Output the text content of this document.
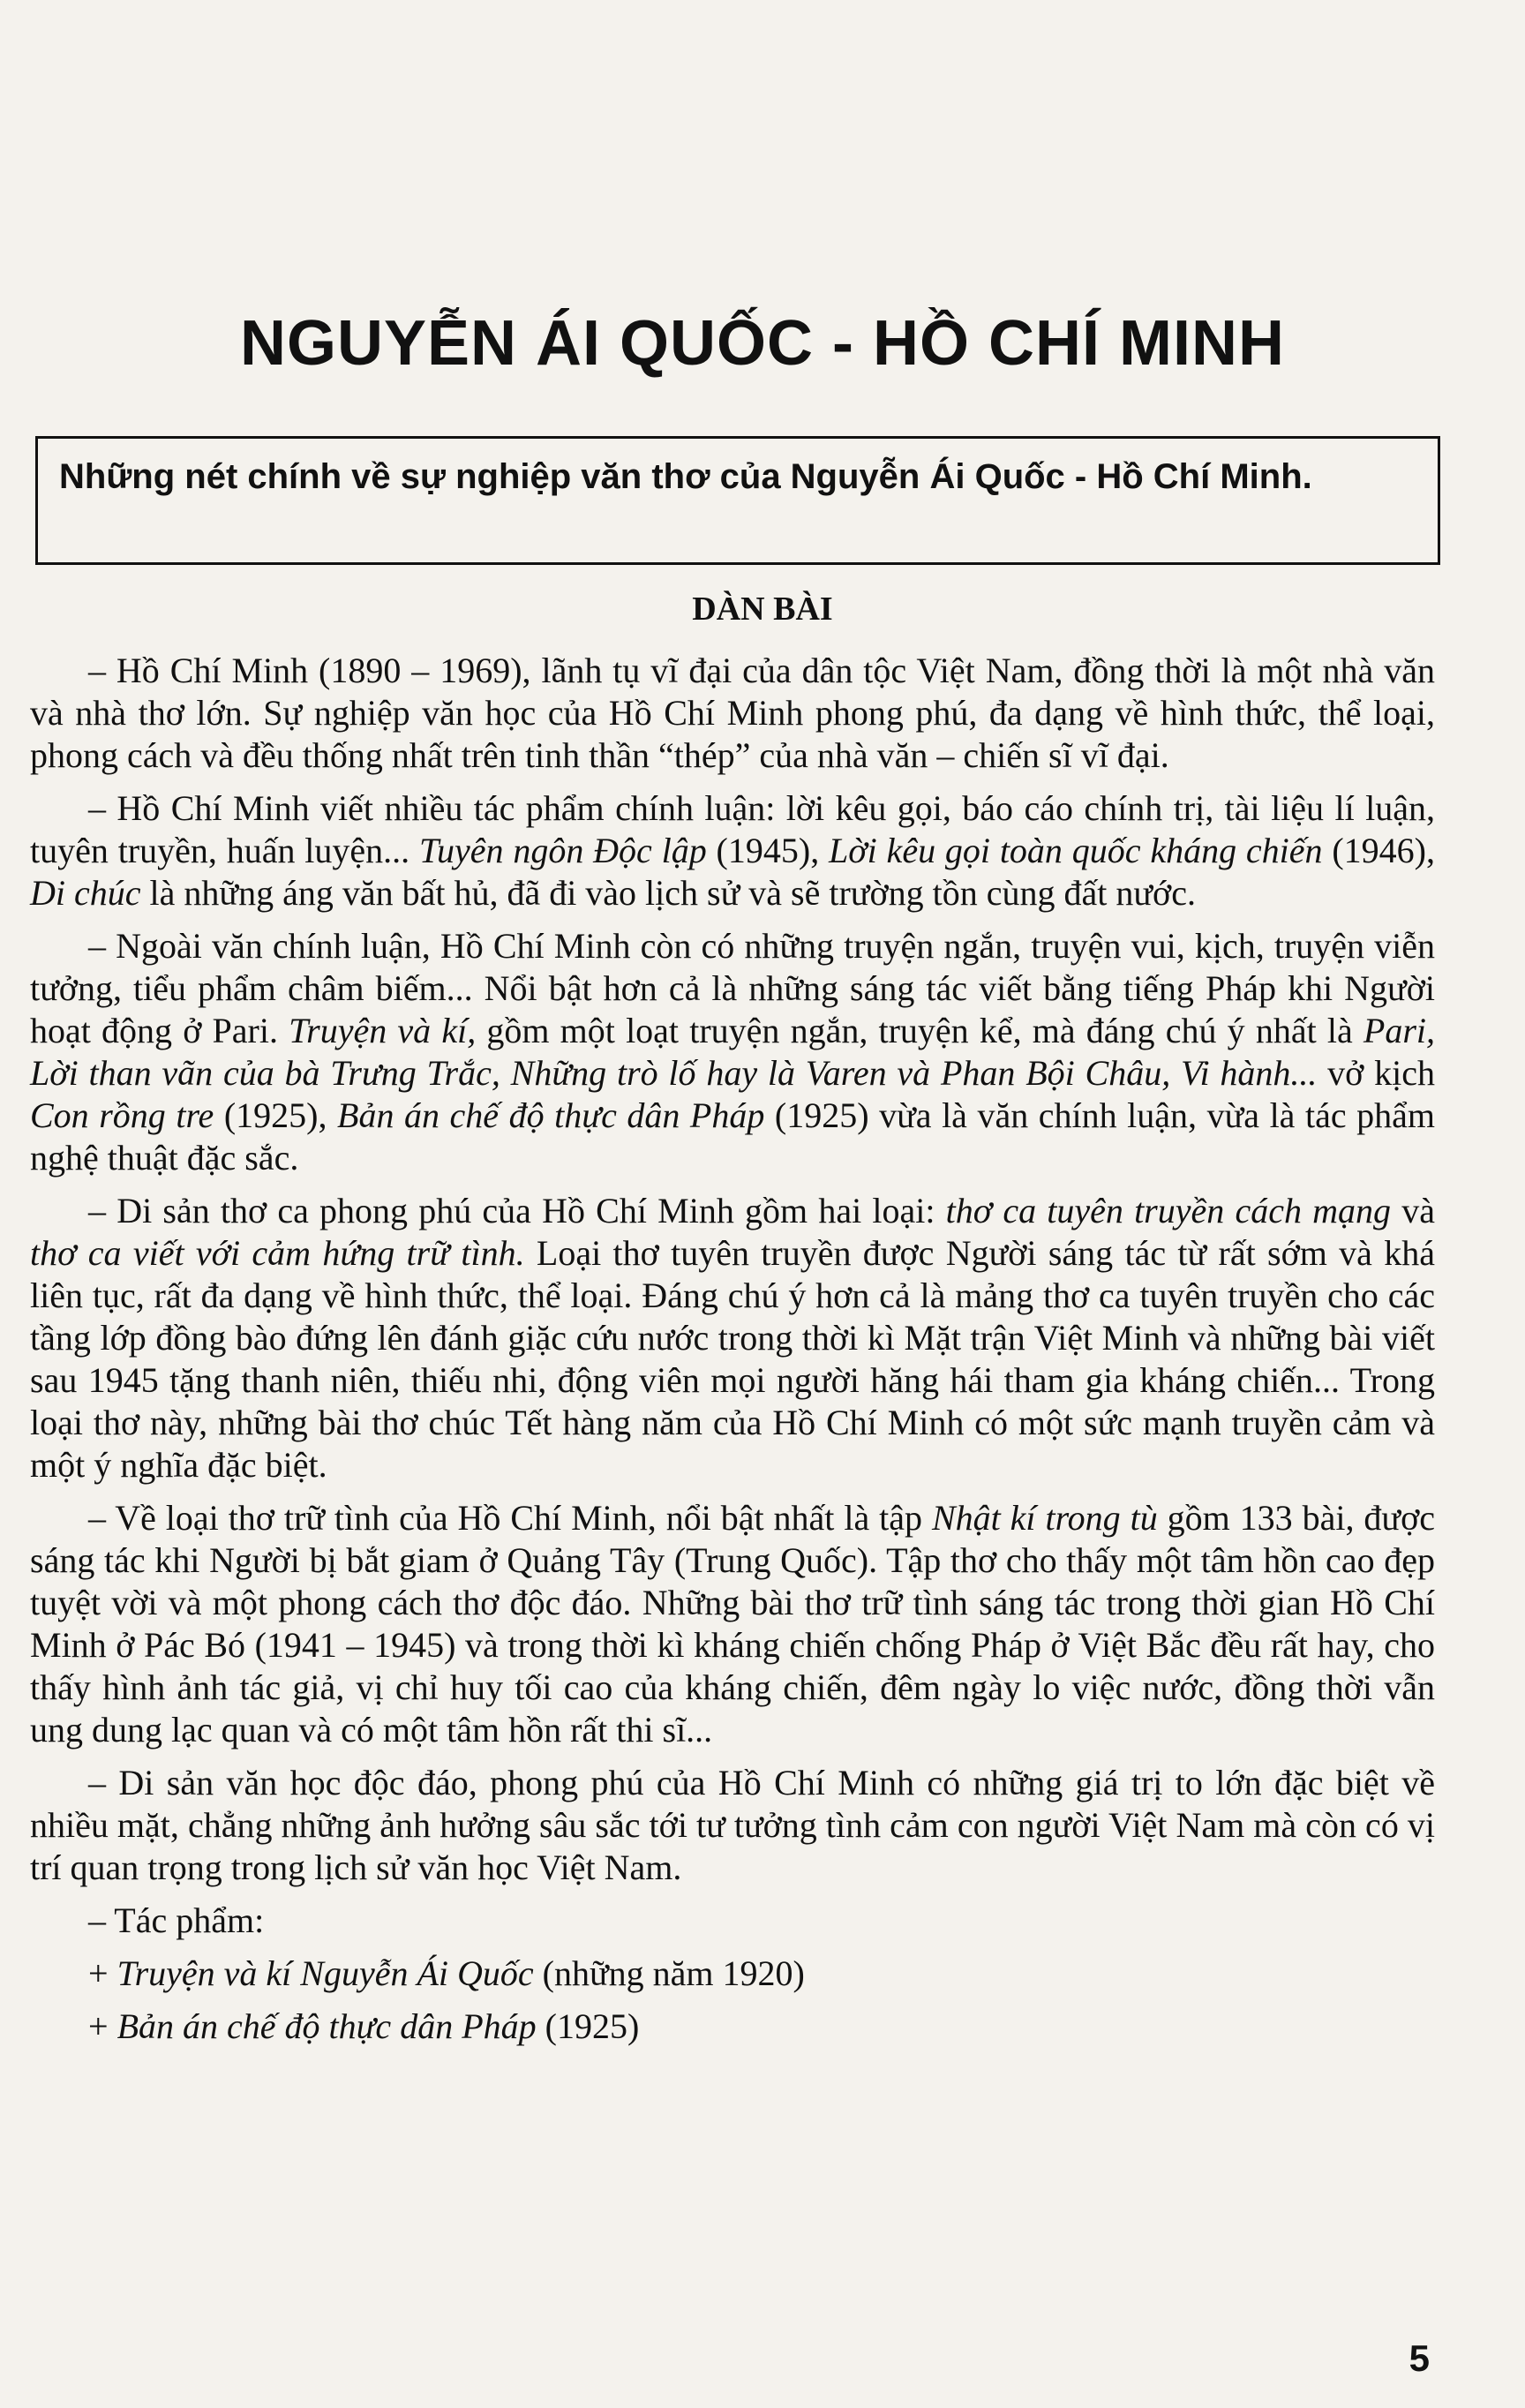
NGUYỄN ÁI QUỐC - HỒ CHÍ MINH
Những nét chính về sự nghiệp văn thơ của Nguyễn Ái Quốc - Hồ Chí Minh.
DÀN BÀI

– Hồ Chí Minh (1890 – 1969), lãnh tụ vĩ đại của dân tộc Việt Nam, đồng thời là một nhà văn và nhà thơ lớn. Sự nghiệp văn học của Hồ Chí Minh phong phú, đa dạng về hình thức, thể loại, phong cách và đều thống nhất trên tinh thần “thép” của nhà văn – chiến sĩ vĩ đại.

– Hồ Chí Minh viết nhiều tác phẩm chính luận: lời kêu gọi, báo cáo chính trị, tài liệu lí luận, tuyên truyền, huấn luyện... Tuyên ngôn Độc lập (1945), Lời kêu gọi toàn quốc kháng chiến (1946), Di chúc là những áng văn bất hủ, đã đi vào lịch sử và sẽ trường tồn cùng đất nước.

– Ngoài văn chính luận, Hồ Chí Minh còn có những truyện ngắn, truyện vui, kịch, truyện viễn tưởng, tiểu phẩm châm biếm... Nổi bật hơn cả là những sáng tác viết bằng tiếng Pháp khi Người hoạt động ở Pari. Truyện và kí, gồm một loạt truyện ngắn, truyện kể, mà đáng chú ý nhất là Pari, Lời than vãn của bà Trưng Trắc, Những trò lố hay là Varen và Phan Bội Châu, Vi hành... vở kịch Con rồng tre (1925), Bản án chế độ thực dân Pháp (1925) vừa là văn chính luận, vừa là tác phẩm nghệ thuật đặc sắc.

– Di sản thơ ca phong phú của Hồ Chí Minh gồm hai loại: thơ ca tuyên truyền cách mạng và thơ ca viết với cảm hứng trữ tình. Loại thơ tuyên truyền được Người sáng tác từ rất sớm và khá liên tục, rất đa dạng về hình thức, thể loại. Đáng chú ý hơn cả là mảng thơ ca tuyên truyền cho các tầng lớp đồng bào đứng lên đánh giặc cứu nước trong thời kì Mặt trận Việt Minh và những bài viết sau 1945 tặng thanh niên, thiếu nhi, động viên mọi người hăng hái tham gia kháng chiến... Trong loại thơ này, những bài thơ chúc Tết hàng năm của Hồ Chí Minh có một sức mạnh truyền cảm và một ý nghĩa đặc biệt.

– Về loại thơ trữ tình của Hồ Chí Minh, nổi bật nhất là tập Nhật kí trong tù gồm 133 bài, được sáng tác khi Người bị bắt giam ở Quảng Tây (Trung Quốc). Tập thơ cho thấy một tâm hồn cao đẹp tuyệt vời và một phong cách thơ độc đáo. Những bài thơ trữ tình sáng tác trong thời gian Hồ Chí Minh ở Pác Bó (1941 – 1945) và trong thời kì kháng chiến chống Pháp ở Việt Bắc đều rất hay, cho thấy hình ảnh tác giả, vị chỉ huy tối cao của kháng chiến, đêm ngày lo việc nước, đồng thời vẫn ung dung lạc quan và có một tâm hồn rất thi sĩ...

– Di sản văn học độc đáo, phong phú của Hồ Chí Minh có những giá trị to lớn đặc biệt về nhiều mặt, chẳng những ảnh hưởng sâu sắc tới tư tưởng tình cảm con người Việt Nam mà còn có vị trí quan trọng trong lịch sử văn học Việt Nam.

– Tác phẩm:

+ Truyện và kí Nguyễn Ái Quốc (những năm 1920)

+ Bản án chế độ thực dân Pháp (1925)

5
